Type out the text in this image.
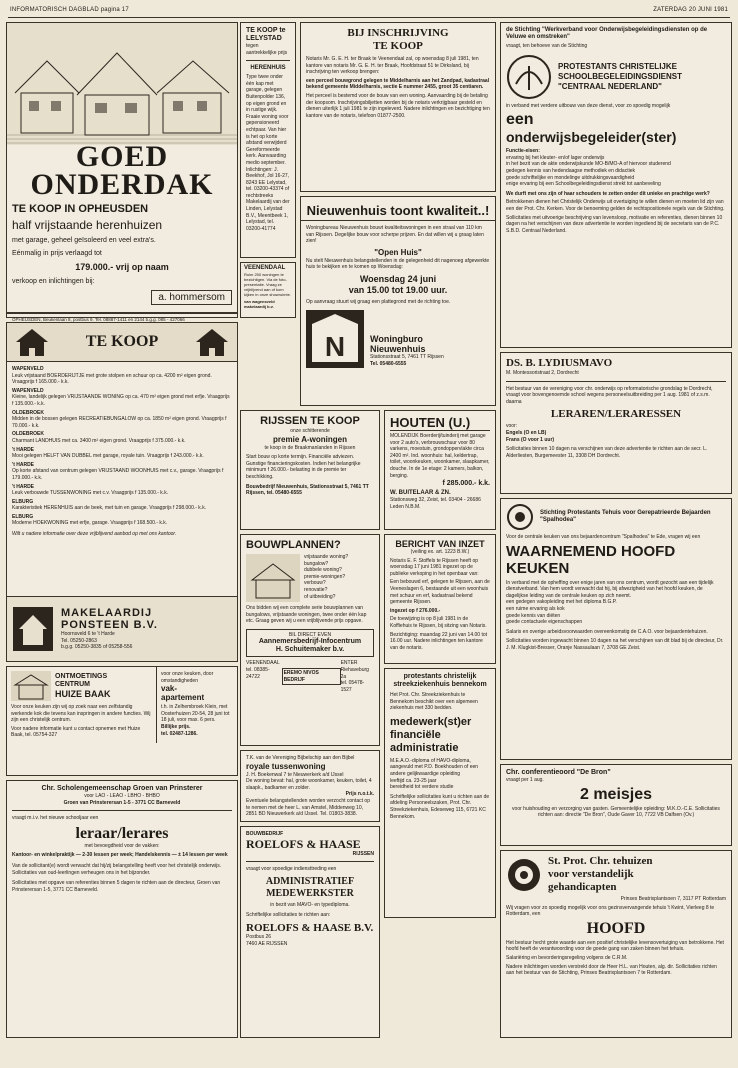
INFORMATORISCH DAGBLAD pagina 17	ZATERDAG 20 JUNI 1981
GOED
ONDERDAK
TE KOOP IN OPHEUSDEN
half vrijstaande herenhuizen
met garage, geheel geïsoleerd en veel extra's.
Eénmalig in prijs verlaagd tot
179.000.- vrij op naam
verkoop en inlichtingen bij:
a. hommersom
OPHEUSDEN, Beukenlaan 8, postbus 9. Tel. 08887-1411 en 2144 b.g.g. 085 - 427066
TE KOOP te LELYSTAD
tegen aantrekkelijke prijs
HERENHUIS
Type twee onder één kap met garage, gelegen Buitenpolder 136, op eigen grond en in rustige wijk. Fraaie woning voor gepensioneerd echtpaar. Van hier is het op korte afstand verwijderd Gereformeerde kerk. Aanvaarding medio september. Inlichtingen: J. Beekhof, Jol 16-27, 8243 EE Lelystad, tel. 03200-43374 of rechtstreeks Makelaardij van der Linden, Lelystad B.V., Meentbeek 1, Lelystad, tel. 03200-41774
VEENENDAAL
Ruim 250 woningen te bezichtigen. Via de foto-presentatie. Vraag ze vrijblijvend aan of kom kijken in onze showruimte.
van wagensveld makelaardij b.v.
BIJ INSCHRIJVING
TE KOOP
Notaris Mr. G. E. H. ter Braak te Veenendaal zal, op woensdag 8 juli 1981, ten kantore van notaris Mr. G. E. H. ter Braak, Hoofdstraat 51 te Dirksland, bij inschrijving ten verkoop brengen:
een perceel bouwgrond gelegen te Middelharnis aan het Zandpad, kadastraal bekend gemeente Middelharnis, sectie E nummer 2455, groot 35 centiaren.
Het perceel is bestemd voor de bouw van een woning. Aanvaarding bij de betaling der koopsom. Inschrijvingsbiljetten worden bij de notaris verkrijgbaar gesteld en dienen uiterlijk 1 juli 1981 te zijn ingeleverd. Nadere inlichtingen en bezichtiging ten kantore van de notaris, telefoon 01877-2500.
Nieuwenhuis toont kwaliteit..!
Woningbureau Nieuwenhuis bouwt kwaliteitswoningen in een straal van 110 km van Rijssen. Degelijke bouw voor scherpe prijzen. En dat willen wij u graag laten zien!
"Open Huis"
Nu stelt Nieuwenhuis belangstellenden in de gelegenheid dit nagenoeg afgewerkte huis te bekijken en te komen op Woensdag:
Woensdag 24 juni
van 15.00 tot 19.00 uur.
Op aanvraag stuurt wij graag een plattegrond met de richting toe.
N	Woningburo
Nieuwenhuis
Stationsstraat 5, 7461 TT Rijssen
Tel. 05480-6555
de Stichting "Werkverband voor Onderwijsbegeleidingsdiensten op de Veluwe en omstreken"
vraagt, ten behoeve van de Stichting
PROTESTANTS CHRISTELIJKE
SCHOOLBEGELEIDINGSDIENST
"CENTRAAL NEDERLAND"
in verband met verdere uitbouw van deze dienst, voor zo spoedig mogelijk
een
onderwijsbegeleider(ster)
Functie-eisen:
ervaring bij het kleuter- en/of lager onderwijs
in het bezit van de akte onderwijskunde MO-B/MO-A of hiervoor studerend
gedegen kennis van hedendaagse methodiek en didactiek
goede schriftelijke en mondelinge uitdrukkingsvaardigheid
enige ervaring bij een Schoolbegeleidingsdienst strekt tot aanbeveling
We durft met ons zijn of haar schouders te zetten onder dit unieke en prachtige werk?
Betrokkenen dienen het Christelijk Onderwijs uit overtuiging te willen dienen en moeten lid zijn van een der Prot. Chr. Kerken. Voor de benoeming gelden de rechtspositionele regels van de Stichting.
Sollicitaties met uitvoerige beschrijving van levensloop, motivatie en referenties, dienen binnen 10 dagen na het verschijnen van deze advertentie te worden ingediend bij de secretaris van de P.C. S.B.D. Centraal Nederland.
TE KOOP
WAPENVELD
Leuk vrijstaand BOERDERIJTJE met grote stolpen en schuur op ca. 4200 m² eigen grond. Vraagprijs f 165.000.- k.k.
WAPENVELD
Kleine, landelijk gelegen VRIJSTAANDE WONING op ca. 470 m² eigen grond met erfje. Vraagprijs f 135.000.- k.k.
OLDEBROEK
Midden in de bossen gelegen RECREATIEBUNGALOW op ca. 1850 m² eigen grond. Vraagprijs f 70.000.- k.k.
OLDEBROEK
Charmant LANDHUIS met ca. 3400 m² eigen grond. Vraagprijs f 375.000.- k.k.
't HARDE
Mooi gelegen HELFT VAN DUBBEL met garage, royale tuin. Vraagprijs f 243.000.- k.k.
't HARDE
Op korte afstand van centrum gelegen VRIJSTAAND WOONHUIS met c.v., garage. Vraagprijs f 179.000.- k.k.
't HARDE
Leuk verbouwde TUSSENWONING met c.v. Vraagprijs f 135.000.- k.k.
ELBURG
Karakteristiek HERENHUIS aan de beek, met tuin en garage. Vraagprijs f 298.000.- k.k.
ELBURG
Moderne HOEKWONING met erfje, garage. Vraagprijs f 168.500.- k.k.
Wilt u nadere informatie over deze vrijblijvend aanbod op met ons kantoor.
MAKELAARDIJ
PONSTEEN B.V.
Hoornsveld 6 te 't Harde
Tel. 05250-2863
b.g.g. 05250-3835 of 05258-556
RIJSSEN TE KOOP
onze schitterende
premie A-woningen
te koop in de Braakmanlanden in Rijssen
Start bouw op korte termijn. Financiële adviezen. Gunstige financieringskosten. Indien het belangrijke minimum f 26.000.- belasting in de premie ter beschikking.
Bouwbedrijf Nieuwenhuis, Stationsstraat 5, 7461 TT Rijssen, tel. 05480-6555
HOUTEN (U.)
MOLENDIJK Boerderij/tuinderij met garage voor 2 auto's, verbrouwschuur voor 80 varkens, moestuin, grondoppervlakte circa 2400 m². Ind. woonhuis: hal, keldertrap, toilet, woonkeuken, woonkamer, slaapkamer, douche. In de 1e etage: 2 kamers, balkon, berging.
f 285.000.- k.k.
W. BUITELAAR & ZN.
Stationsweg 32, Zeist, tel. 03404 - 26686
Leden N.B.M.
BOUWPLANNEN?
vrijstaande woning?
bungalow?
dubbele woning?
premie-woningen?
verbouw?
renovatie?
of uitbreiding?
Ons bidden wij een complete serie bouwplannen van bungalows, vrijstaande woningen, twee onder één kap etc. Graag geven wij u een vrijblijvende prijs opgave.
BIL DIRECT EVEN
Aannemersbedrijf-Infocentrum
H. Schuitemaker b.v.
VEENENDAAL
tel. 08385-24722
EREMO NIVOS BEDRIJF
ENTER
Riehaveburg 2a
tel. 05478-1527
BERICHT VAN INZET
(veiling ex. art. 1223 B.W.)
Notaris E. F. Stoffels te Rijssen heeft op woensdag 17 juni 1981 ingezet op de publieke verkoping in het openbaar van:
Een bebouwd erf, gelegen te Rijssen, aan de Veeneslagen 6, bestaande uit een woonhuis met schuur en erf, kadastraal bekend gemeente Rijssen.
ingezet op f 276.000.-
De toewijzing is op 8 juli 1981 in de Koffiehuis te Rijssen, bij sitzing van Notaris.
Bezichtiging: maandag 22 juni van 14.00 tot 16.00 uur. Nadere inlichtingen ten kantore van de notaris.
DS. B. LYDIUSMAVO
M. Montessoristraat 2, Dordrecht
Het bestuur van de vereniging voor chr. onderwijs op reformatorische grondslag te Dordrecht, vraagt voor bovengenoemde school wegens personeelsuitbreiding per 1 aug. 1981 of z.s.m. daarna
LERAREN/LERARESSEN
voor:
Engels (O en LB)
Frans (O voor 1 uur)
Sollicitaties binnen 10 dagen na verschijnen van deze advertentie te richten aan de secr. L. Alderliesten, Burgemeester 11, 3308 DH Dordrecht.
Stichting Protestants Tehuis voor Gerepatrieerde Bejaarden "Spalhodea"
Voor de centrale keuken van ons bejaardencentrum "Spalhodea" te Ede, vragen wij een
WAARNEMEND HOOFD
KEUKEN
In verband met de opheffing over enige jaren van ons centrum, wordt gezocht aan een tijdelijk dienstverband. Van hem wordt verwacht dat hij, bij afwezigheid van het hoofd keuken, de dagelijkse leiding van de centrale keuken op zich neemt.
een gedegen vakopleiding met het diploma B.G.P.
een ruime ervaring als kok
goede kennis van diëten
goede contactuele eigenschappen
Salaris en overige arbeidsvoorwaarden overeenkomstig de C.A.O. voor bejaardentehuizen.
Sollicitaties worden ingewacht binnen 10 dagen na het verschijnen van dit blad bij de directeur, Dr. J. M. Klugkist-Bresser, Oranje Nassaulaan 7, 3708 GE Zeist.
protestants christelijk
streekziekenhuis bennekom
Het Prot. Chr. Streekziekenhuis te Bennekom beschikt over een algemeen ziekenhuis met 330 bedden.
medewerk(st)er
financiële
administratie
M.E.A.O.-diploma of HAVO-diploma, aangevuld met P.D. Boekhouden of een andere gelijkwaardige opleiding
leeftijd ca. 23-25 jaar
bereidheid tot verdere studie
Schriftelijke sollicitaties kunt u richten aan de afdeling Personeelszaken, Prot. Chr. Streekziekenhuis, Edeseweg 115, 6721 KC Bennekom.
T.K. van de Vereniging Bijbelschip aan den Bijbel
royale tussenwoning
J. H. Boekenwal 7 te Nieuwerkerk a/d IJssel
De woning bevat: hal, grote woonkamer, keuken, toilet, 4 slaapk., badkamer en zolder.
Prijs n.o.t.k.
Eventuele belangstellenden worden verzocht contact op te nemen met de heer L. van Amstel, Middenweg 10, 2851 BD Nieuwerkerk a/d IJssel. Tel. 01803-3838.
ONTMOETINGS
CENTRUM
HUIZE BAAK
Voor onze keuken zijn wij op zoek naar een zelfstandig werkende kok die tevens kan inspringen in andere functies. Wij zijn een christelijk centrum.
Voor nadere informatie kunt u contact opnemen met Huize Baak, tel. 05754-327
voor onze keuken, door omstandigheden
vak-
apartement
t.h. in Zelhembroek Klein, met Oosterhuizen 20-54, 28 juni tot 18 juli, voor max. 6 pers.
Billijke prijs.
tel. 02487-1286.
BOUWBEDRIJF
ROELOFS & HAASE
RIJSSEN
vraagt voor spoedige indiensttreding een
ADMINISTRATIEF MEDEWERKSTER
in bezit van MAVO- en typediploma.
Schriftelijke sollicitaties te richten aan:
ROELOFS & HAASE B.V.
Postbus 26
7460 AE RIJSSEN
Chr. Scholengemeenschap Groen van Prinsterer
voor LAO - LEAO - LBHO - BHBO
Groen van Prinsterersan 1-5 - 3771 CC Barneveld
vraagt m.i.v. het nieuwe schooljaar een
leraar/lerares
met bevoegdheid voor de vakken:
Kantoor- en winkelpraktijk — 2-30 lessen per week; Handelskennis — ± 14 lessen per week
Van de sollicitant(e) wordt verwacht dat hij/zij belangstelling heeft voor het christelijk onderwijs. Sollicitaties van oud-leerlingen verheugen ons in het bijzonder.
Sollicitaties met opgave van referenties binnen 5 dagen te richten aan de directeur, Groen van Prinsterersan 1-5, 3771 CC Barneveld.
Chr. conferentieoord "De Bron"
vraagt per 1 aug.
2 meisjes
voor huishouding en verzorging van gasten. Gemeentelijke opleiding: M.K.O.-C.E. Sollicitaties richten aan: directie "De Bron", Oude Gaver 10, 7722 VB Dalfsen (Ov.)
St. Prot. Chr. tehuizen
voor verstandelijk
gehandicapten
Prinses Beatrixplantsoen 7, 3117 PT Rotterdam
Wij vragen voor zo spoedig mogelijk voor ons gezinsvervangende tehuis 't Kwint, Vierleeg 8 te Rotterdam, een
HOOFD
Het bestuur hecht grote waarde aan een positief christelijke levensovertuiging van betrokkene. Het hoofd heeft de verantwoording voor de goede gang van zaken binnen het tehuis.
Salariëring en bevorderingsregeling volgens de C.R.M.
Nadere inlichtingen worden verstrekt door de Heer H.L. van Houten, alg. dir. Sollicitaties richten aan het bestuur van de Stichting, Prinses Beatrixplantsoen 7 te Rotterdam.
